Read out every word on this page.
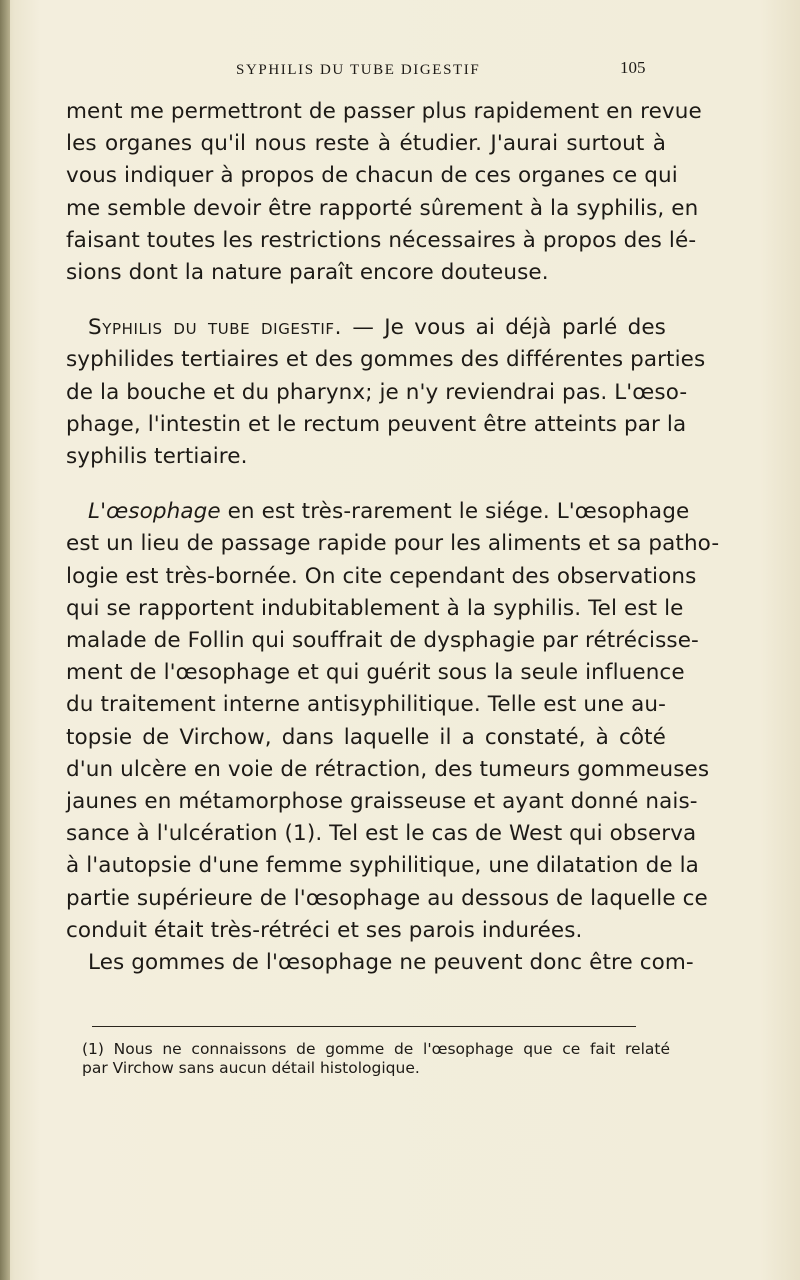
SYPHILIS DU TUBE DIGESTIF	105
ment me permettront de passer plus rapidement en revue
les organes qu'il nous reste à étudier. J'aurai surtout à
vous indiquer à propos de chacun de ces organes ce qui
me semble devoir être rapporté sûrement à la syphilis, en
faisant toutes les restrictions nécessaires à propos des lé-
sions dont la nature paraît encore douteuse.
Syphilis du tube digestif. — Je vous ai déjà parlé des
syphilides tertiaires et des gommes des différentes parties
de la bouche et du pharynx; je n'y reviendrai pas. L'œso-
phage, l'intestin et le rectum peuvent être atteints par la
syphilis tertiaire.
L'œsophage en est très-rarement le siége. L'œsophage
est un lieu de passage rapide pour les aliments et sa patho-
logie est très-bornée. On cite cependant des observations
qui se rapportent indubitablement à la syphilis. Tel est le
malade de Follin qui souffrait de dysphagie par rétrécisse-
ment de l'œsophage et qui guérit sous la seule influence
du traitement interne antisyphilitique. Telle est une au-
topsie de Virchow, dans laquelle il a constaté, à côté
d'un ulcère en voie de rétraction, des tumeurs gommeuses
jaunes en métamorphose graisseuse et ayant donné nais-
sance à l'ulcération (1). Tel est le cas de West qui observa
à l'autopsie d'une femme syphilitique, une dilatation de la
partie supérieure de l'œsophage au dessous de laquelle ce
conduit était très-rétréci et ses parois indurées.
Les gommes de l'œsophage ne peuvent donc être com-
(1) Nous ne connaissons de gomme de l'œsophage que ce fait relaté
par Virchow sans aucun détail histologique.
